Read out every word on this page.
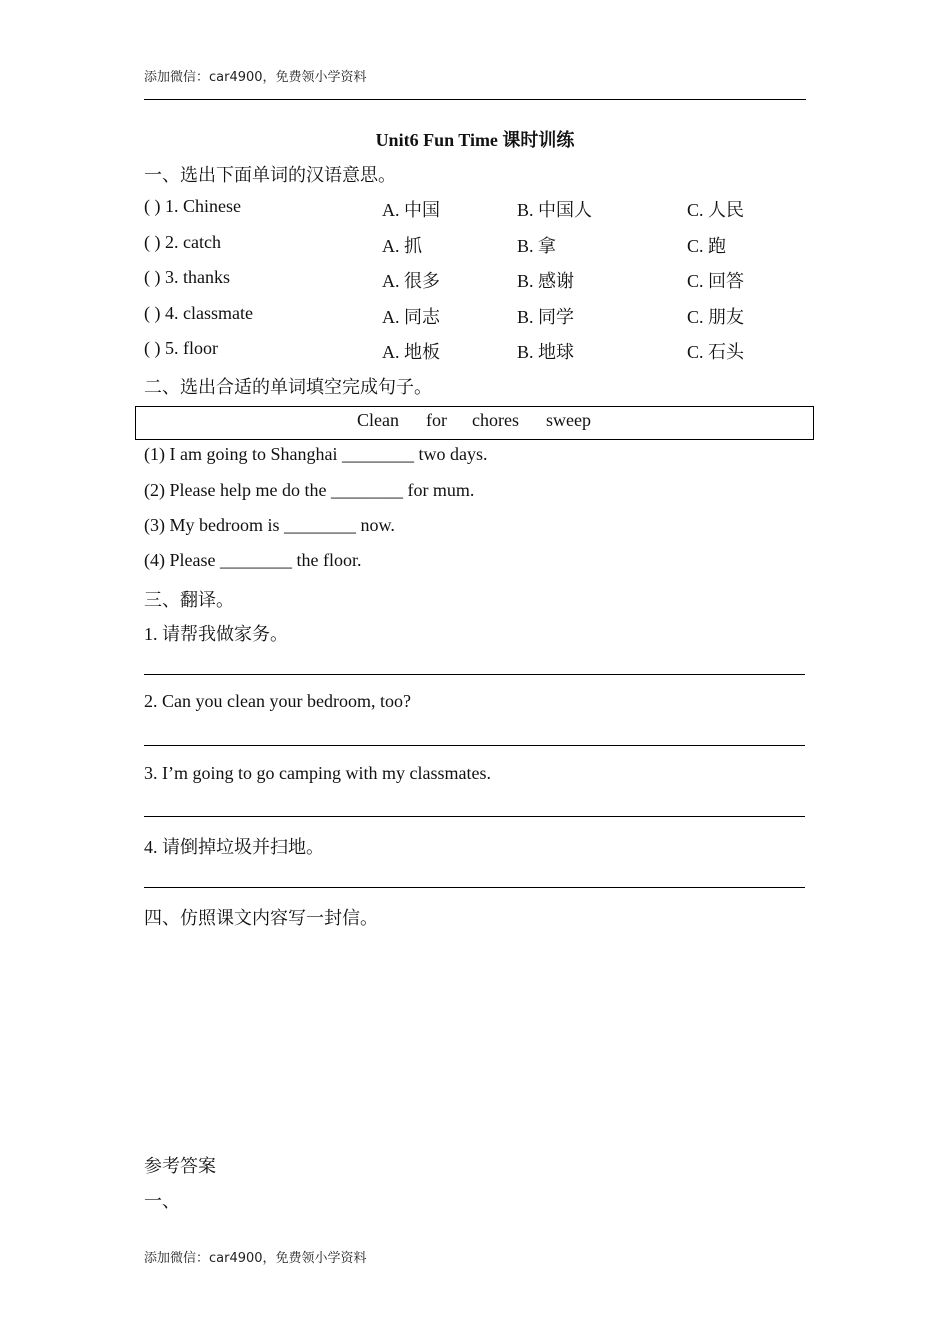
添加微信：car4900，免费领小学资料
Unit6 Fun Time 课时训练
一、选出下面单词的汉语意思。
( ) 1. Chinese	A. 中国	B. 中国人	C. 人民
( ) 2. catch	A. 抓	B. 拿	C. 跑
( ) 3. thanks	A. 很多	B. 感谢	C. 回答
( ) 4. classmate	A. 同志	B. 同学	C. 朋友
( ) 5. floor	A. 地板	B. 地球	C. 石头
二、选出合适的单词填空完成句子。
Clean for chores sweep
(1) I am going to Shanghai ________ two days.
(2) Please help me do the ________ for mum.
(3) My bedroom is ________ now.
(4) Please ________ the floor.
三、翻译。
1. 请帮我做家务。
2. Can you clean your bedroom, too?
3. I’m going to go camping with my classmates.
4. 请倒掉垃圾并扫地。
四、仿照课文内容写一封信。
参考答案
一、
添加微信：car4900，免费领小学资料
